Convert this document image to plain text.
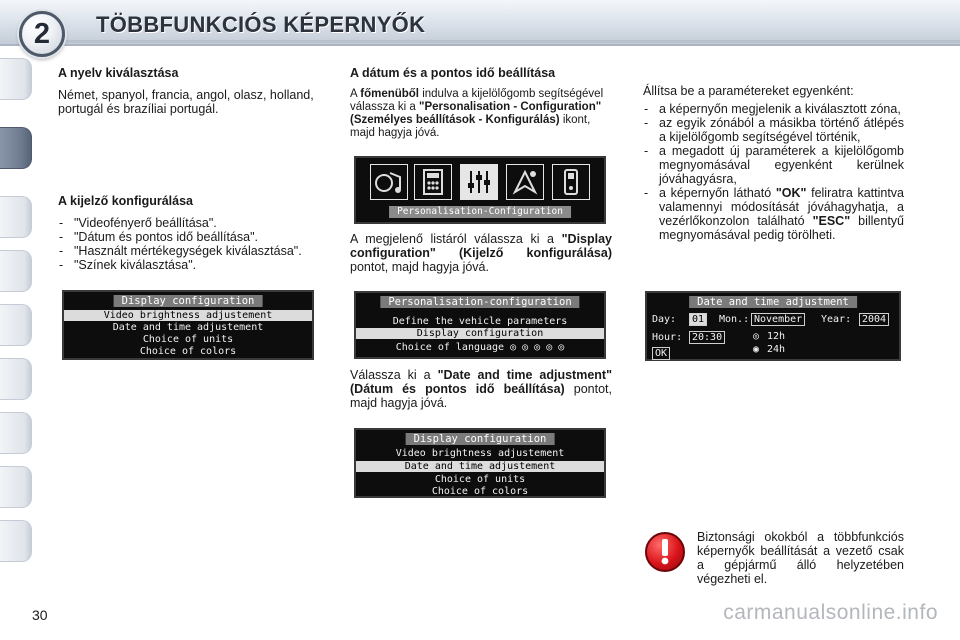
2	TÖBBFUNKCIÓS KÉPERNYŐK
A nyelv kiválasztása

Német, spanyol, francia, angol, olasz, holland, portugál és brazíliai portugál.

A kijelző konfigurálása
- "Videofényerő beállítása".
- "Dátum és pontos idő beállítása".
- "Használt mértékegységek kiválasztása".
- "Színek kiválasztása".
Display configuration
Video brightness adjustement
Date and time adjustement
Choice of units
Choice of colors
A dátum és a pontos idő beállítása

A főmenüből indulva a kijelölőgomb segítségével válassza ki a "Personalisation - Configuration" (Személyes beállítások - Konfigurálás) ikont, majd hagyja jóvá.

Personalisation-Configuration

A megjelenő listáról válassza ki a "Display configuration" (Kijelző konfigurálása) pontot, majd hagyja jóvá.

Personalisation-configuration
Define the vehicle parameters
Display configuration
Choice of language ◎ ◎ ◎ ◎ ◎

Válassza ki a "Date and time adjustment" (Dátum és pontos idő beállítása) pontot, majd hagyja jóvá.

Display configuration
Video brightness adjustement
Date and time adjustement
Choice of units
Choice of colors

Állítsa be a paramétereket egyenként:

- a képernyőn megjelenik a kiválasztott zóna,
- az egyik zónából a másikba történő átlépés a kijelölőgomb segítségével történik,
- a megadott új paraméterek a kijelölőgomb megnyomásával egyenként kerülnek jóváhagyásra,
- a képernyőn látható "OK" feliratra kattintva valamennyi módosítását jóváhagyhatja, a vezérlőkonzolon található "ESC" billentyű megnyomásával pedig törölheti.
Date and time adjustment
Day:	01	Mon.: November	Year:	2004
Hour: 20:30	◎ 12h
◉ 24h
OK

Biztonsági okokból a többfunkciós képernyők beállítását a vezető csak a gépjármű álló helyzetében végezheti el.

30	carmanualsonline.info
